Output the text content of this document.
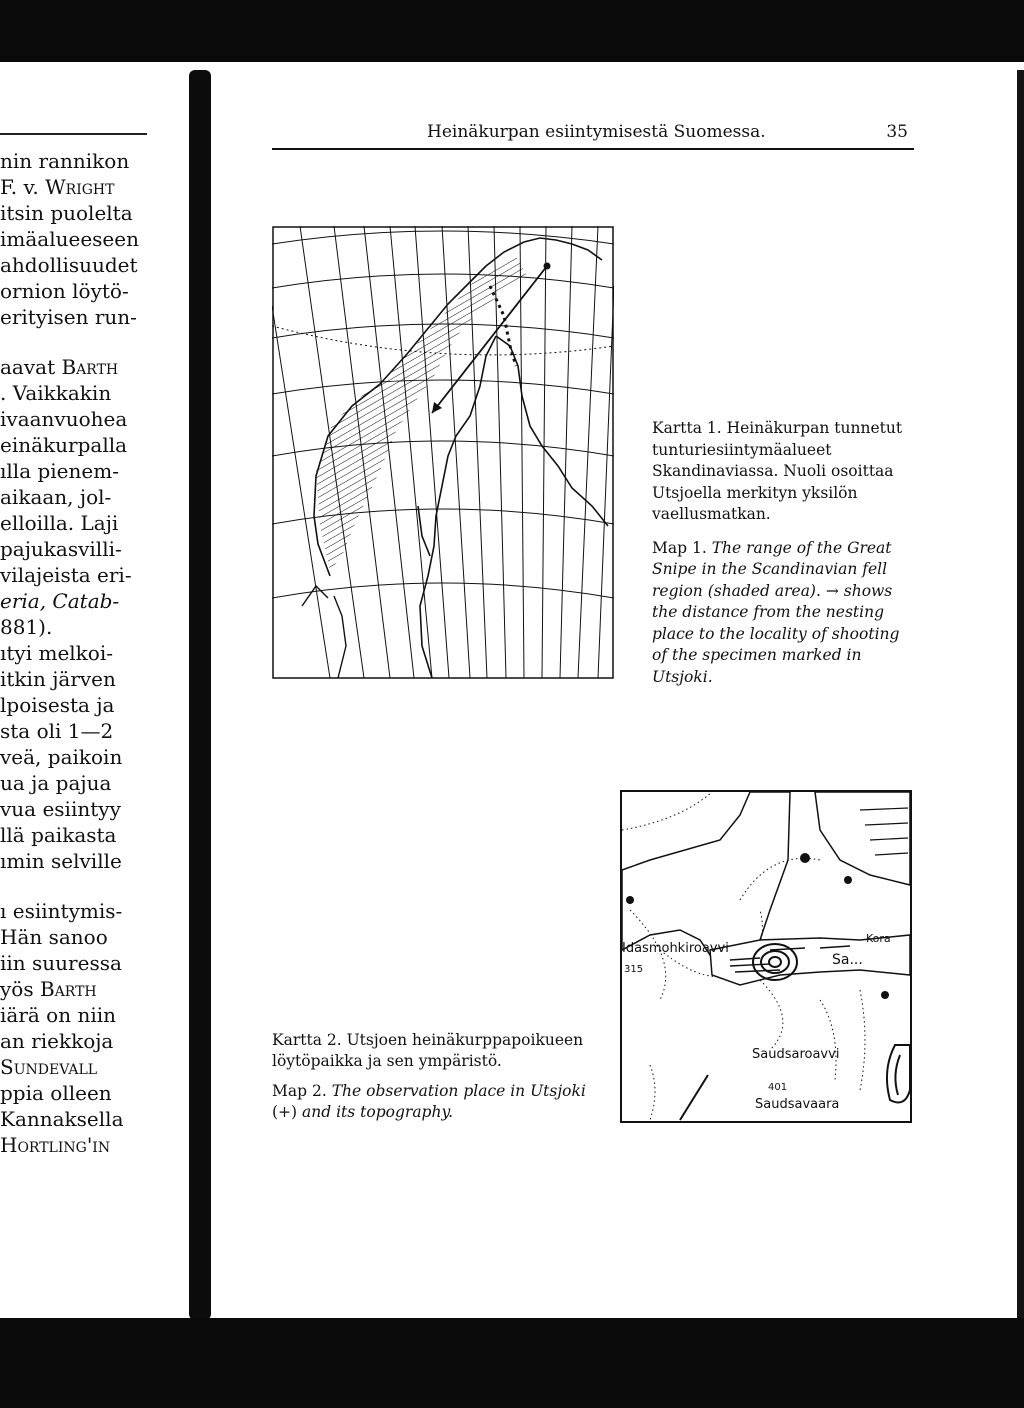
nin rannikon
F. v. Wright
itsin puolelta
imäalueeseen
ahdollisuudet
ornion löytö-
erityisen run-
aavat Barth
. Vaikkakin
ivaanvuohea
einäkurpalla
ılla pienem-
aikaan, jol-
elloilla. Laji
pajukasvilli-
vilajeista eri-
eria, Catab-
881).
ıtyi melkoi-
itkin järven
lpoisesta ja
sta oli 1—2
veä, paikoin
ua ja pajua
vua esiintyy
llä paikasta
ımin selville
ı esiintymis-
Hän sanoo
iin suuressa
yös Barth
iärä on niin
an riekkoja
Sundevall
ppia olleen
Kannaksella
Hortling'in
Heinäkurpan esiintymisestä Suomessa.	35

Kartta 1. Heinäkurpan tunnetut tunturiesiintymäalueet Skandinaviassa. Nuoli osoittaa Utsjoella merkityn yksilön vaellusmatkan.

Map 1. The range of the Great Snipe in the Scandinavian fell region (shaded area). → shows the distance from the nesting place to the locality of shooting of the specimen marked in Utsjoki.

Idasmohkiroavvi
315
Saudsaroavvi
401
Saudsavaara
Kora
Sa...

Kartta 2. Utsjoen heinäkurppapoikueen
löytöpaikka ja sen ympäristö.

Map 2. The observation place in Utsjoki
(+) and its topography.
